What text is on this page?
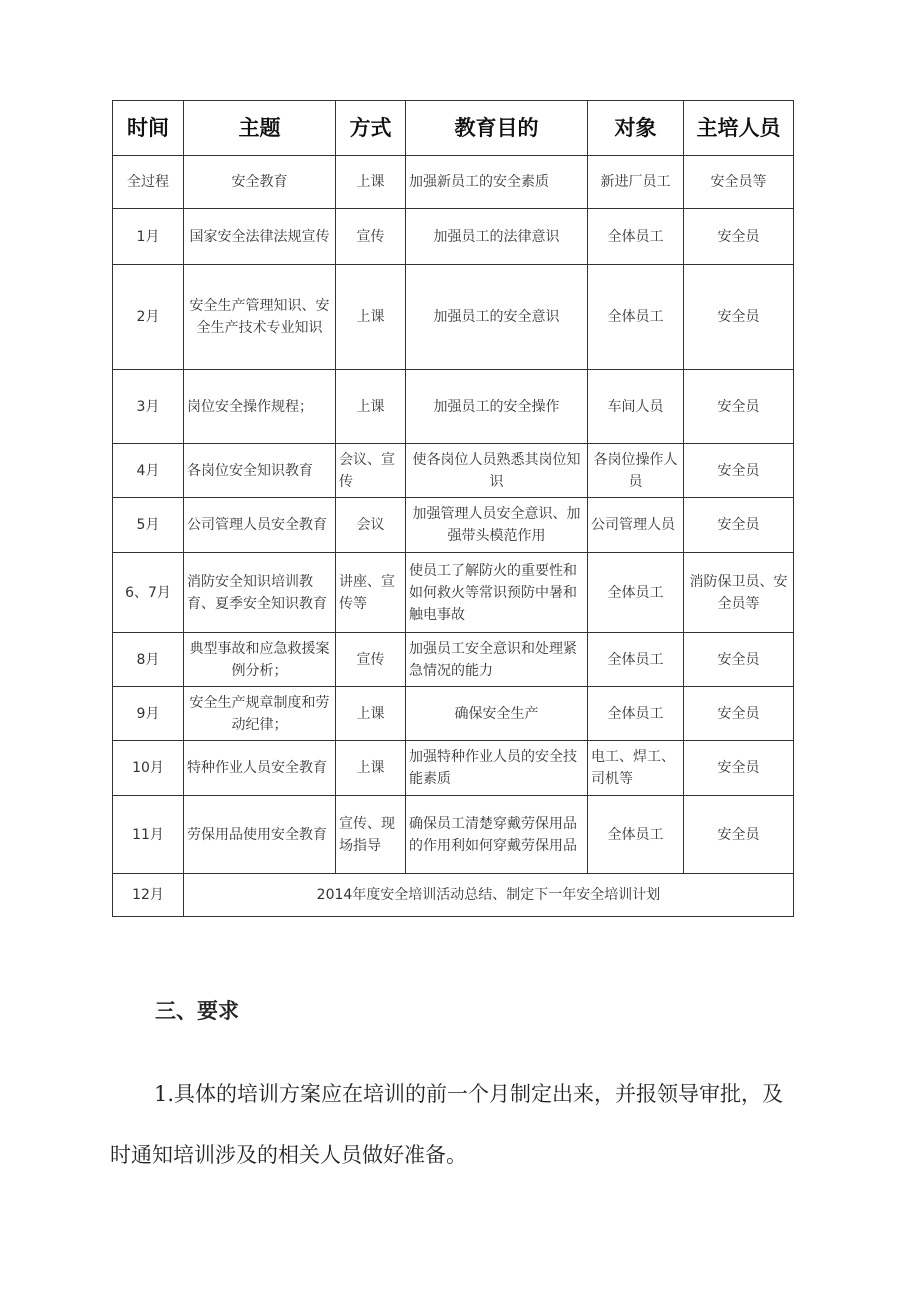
时间	主题	方式	教育目的	对象	主培人员
全过程	安全教育	上课	加强新员工的安全素质	新进厂员工	安全员等
1月	国家安全法律法规宣传	宣传	加强员工的法律意识	全体员工	安全员
2月	安全生产管理知识、安全生产技术专业知识	上课	加强员工的安全意识	全体员工	安全员
3月	岗位安全操作规程；	上课	加强员工的安全操作	车间人员	安全员
4月	各岗位安全知识教育	会议、宣传	使各岗位人员熟悉其岗位知识	各岗位操作人员	安全员
5月	公司管理人员安全教育	会议	加强管理人员安全意识、加强带头模范作用	公司管理人员	安全员
6、7月	消防安全知识培训教育、夏季安全知识教育	讲座、宣传等	使员工了解防火的重要性和如何救火等常识预防中暑和触电事故	全体员工	消防保卫员、安全员等
8月	典型事故和应急救援案例分析；	宣传	加强员工安全意识和处理紧急情况的能力	全体员工	安全员
9月	安全生产规章制度和劳动纪律；	上课	确保安全生产	全体员工	安全员
10月	特种作业人员安全教育	上课	加强特种作业人员的安全技能素质	电工、焊工、司机等	安全员
11月	劳保用品使用安全教育	宣传、现场指导	确保员工清楚穿戴劳保用品的作用利如何穿戴劳保用品	全体员工	安全员
12月	2014年度安全培训活动总结、制定下一年安全培训计划				
三、要求

1.具体的培训方案应在培训的前一个月制定出来，并报领导审批，及时通知培训涉及的相关人员做好准备。
